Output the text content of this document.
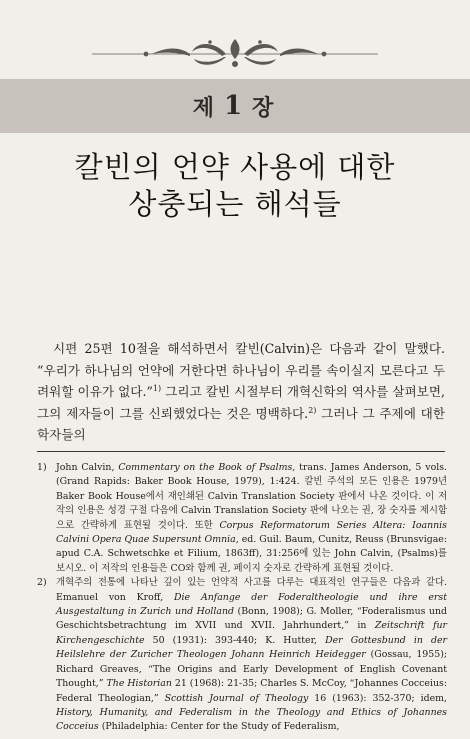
제 1 장
칼빈의 언약 사용에 대한
상충되는 해석들

시편 25편 10절을 해석하면서 칼빈(Calvin)은 다음과 같이 말했다. “우리가 하나님의 언약에 거한다면 하나님이 우리를 속이실지 모른다고 두려워할 이유가 없다.”$^{1)}$ 그리고 칼빈 시절부터 개혁신학의 역사를 살펴보면, 그의 제자들이 그를 신뢰했었다는 것은 명백하다.$^{2)}$ 그러나 그 주제에 대한 학자들의

1) John Calvin, Commentary on the Book of Psalms, trans. James Anderson, 5 vols. (Grand Rapids: Baker Book House, 1979), 1:424. 칼빈 주석의 모든 인용은 1979년 Baker Book House에서 재인쇄된 Calvin Translation Society 판에서 나온 것이다. 이 저작의 인용은 성경 구절 다음에 Calvin Translation Society 판에 나오는 권, 장 숫자를 제시함으로 간략하게 표현될 것이다. 또한 Corpus Reformatorum Series Altera: Ioannis Calvini Opera Quae Supersunt Omnia, ed. Guil. Baum, Cunitz, Reuss (Brunsvigae: apud C.A. Schwetschke et Filium, 1863ff), 31:256에 있는 John Calvin, (Psalms)를 보시오. 이 저작의 인용들은 CO와 함께 권, 페이지 숫자로 간략하게 표현될 것이다.
2) 개혁주의 전통에 나타난 깊이 있는 언약적 사고를 다루는 대표적인 연구들은 다음과 같다. Emanuel von Kroff, Die Anfange der Foderaltheologie und ihre erst Ausgestaltung in Zurich und Holland (Bonn, 1908); G. Moller, “Foderalismus und Geschichtsbetrachtung im XVII und XVII. Jahrhundert,” in Zeitschrift fur Kirchengeschichte 50 (1931): 393-440; K. Hutter, Der Gottesbund in der Heilslehre der Zuricher Theologen Johann Heinrich Heidegger (Gossau, 1955); Richard Greaves, “The Origins and Early Development of English Covenant Thought,” The Historian 21 (1968): 21-35; Charles S. McCoy, “Johannes Cocceius: Federal Theologian,” Scottish Journal of Theology 16 (1963): 352-370; idem, History, Humanity, and Federalism in the Theology and Ethics of Johannes Cocceius (Philadelphia: Center for the Study of Federalism,
